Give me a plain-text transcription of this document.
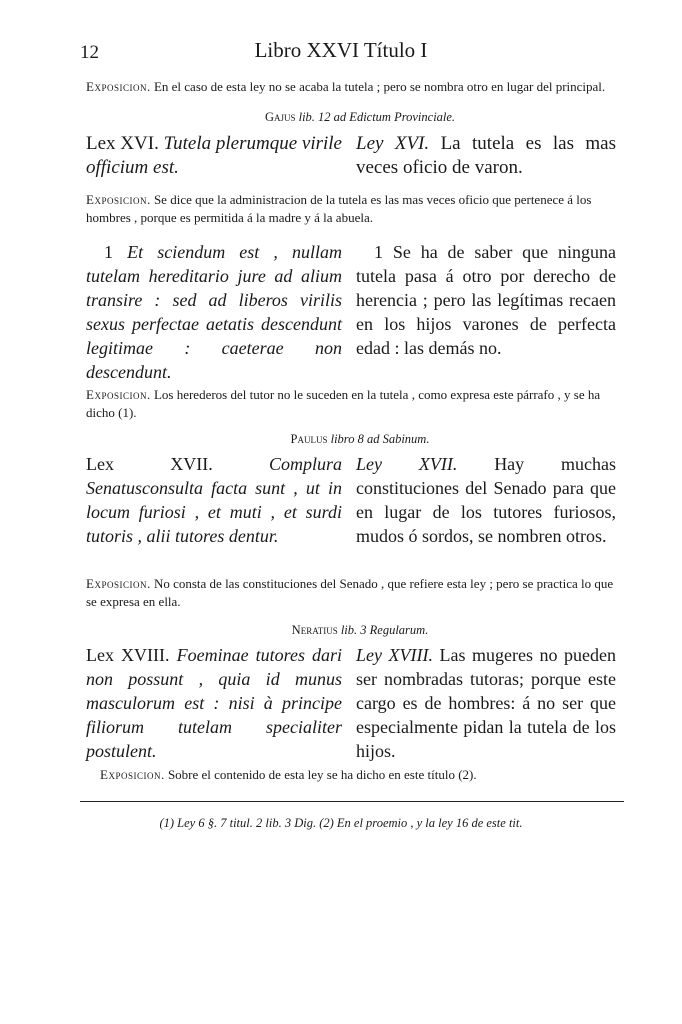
12	Libro XXVI Título I
Exposicion. En el caso de esta ley no se acaba la tutela ; pero se nombra otro en lugar del principal.
Gajus lib. 12 ad Edictum Provinciale.
Lex XVI. Tutela plerumque virile officium est.
Ley XVI. La tutela es las mas veces oficio de varon.
Exposicion. Se dice que la administracion de la tutela es las mas veces oficio que pertenece á los hombres , porque es permitida á la madre y á la abuela.
1 Et sciendum est , nullam tutelam hereditario jure ad alium transire : sed ad liberos virilis sexus perfectae aetatis descendunt legitimae : caeterae non descendunt.
1 Se ha de saber que ninguna tutela pasa á otro por derecho de herencia ; pero las legítimas recaen en los hijos varones de perfecta edad : las demás no.
Exposicion. Los herederos del tutor no le suceden en la tutela , como expresa este párrafo , y se ha dicho (1).
Paulus libro 8 ad Sabinum.
Lex XVII.	Complura Senatusconsulta facta sunt , ut in locum furiosi , et muti , et surdi tutoris , alii tutores dentur.
Ley XVII. Hay muchas constituciones del Senado para que en lugar de los tutores furiosos, mudos ó sordos, se nombren otros.
Exposicion. No consta de las constituciones del Senado , que refiere esta ley ; pero se practica lo que se expresa en ella.
Neratius lib. 3 Regularum.
Lex XVIII. Foeminae tutores dari non possunt , quia id munus masculorum est : nisi à principe filiorum tutelam specialiter postulent.
Ley XVIII. Las mugeres no pueden ser nombradas tutoras; porque este cargo es de hombres: á no ser que especialmente pidan la tutela de los hijos.
Exposicion. Sobre el contenido de esta ley se ha dicho en este título (2).
(1) Ley 6 §. 7 titul. 2 lib. 3 Dig. (2) En el proemio , y la ley 16 de este tit.
